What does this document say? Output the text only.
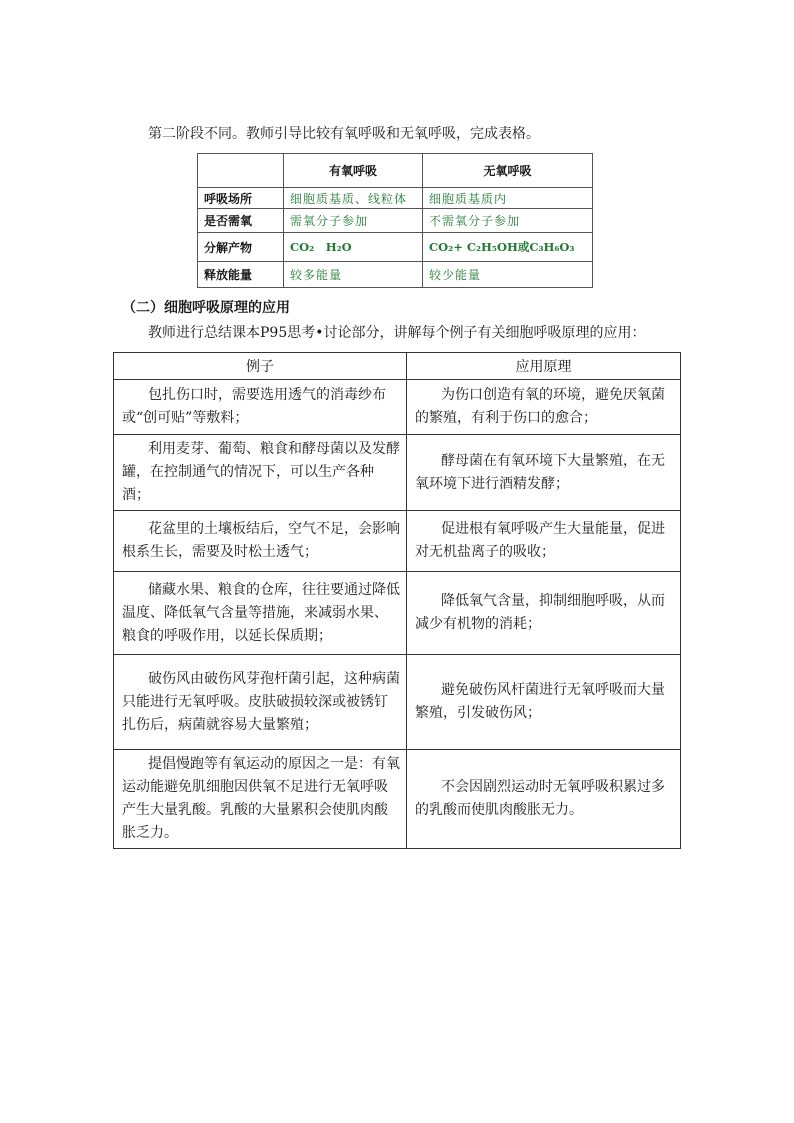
第二阶段不同。教师引导比较有氧呼吸和无氧呼吸，完成表格。

	有氧呼吸	无氧呼吸
呼吸场所	细胞质基质、线粒体	细胞质基质内
是否需氧	需氧分子参加	不需氧分子参加
分解产物	CO₂　H₂O	CO₂+ C₂H₅OH或C₃H₆O₃
释放能量	较多能量	较少能量

（二）细胞呼吸原理的应用

教师进行总结课本P95思考•讨论部分，讲解每个例子有关细胞呼吸原理的应用：

例子	应用原理
包扎伤口时，需要选用透气的消毒纱布或“创可贴”等敷料；	为伤口创造有氧的环境，避免厌氧菌的繁殖，有利于伤口的愈合；
利用麦芽、葡萄、粮食和酵母菌以及发酵罐，在控制通气的情况下，可以生产各种酒；	酵母菌在有氧环境下大量繁殖，在无氧环境下进行酒精发酵；
花盆里的土壤板结后，空气不足，会影响根系生长，需要及时松土透气；	促进根有氧呼吸产生大量能量，促进对无机盐离子的吸收；
储藏水果、粮食的仓库，往往要通过降低温度、降低氧气含量等措施，来减弱水果、粮食的呼吸作用，以延长保质期；	降低氧气含量，抑制细胞呼吸，从而减少有机物的消耗；
破伤风由破伤风芽孢杆菌引起，这种病菌只能进行无氧呼吸。皮肤破损较深或被锈钉扎伤后，病菌就容易大量繁殖；	避免破伤风杆菌进行无氧呼吸而大量繁殖，引发破伤风；
提倡慢跑等有氧运动的原因之一是：有氧运动能避免肌细胞因供氧不足进行无氧呼吸产生大量乳酸。乳酸的大量累积会使肌肉酸胀乏力。	不会因剧烈运动时无氧呼吸积累过多的乳酸而使肌肉酸胀无力。
